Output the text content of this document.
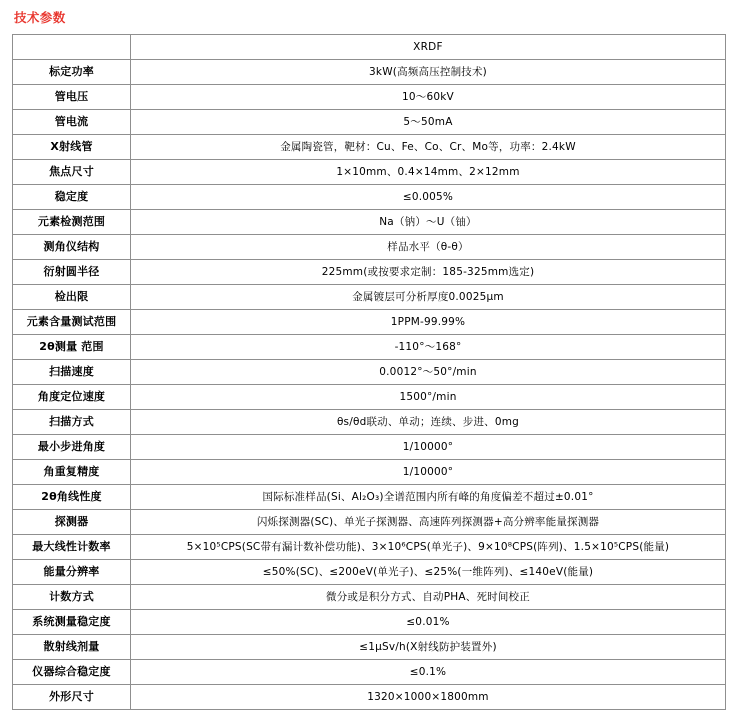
技术参数
	XRDF
标定功率	3kW(高频高压控制技术)
管电压	10～60kV
管电流	5～50mA
X射线管	金属陶瓷管，靶材：Cu、Fe、Co、Cr、Mo等，功率：2.4kW
焦点尺寸	1×10mm、0.4×14mm、2×12mm
稳定度	≤0.005%
元素检测范围	Na（钠）～U（铀）
测角仪结构	样品水平（θ-θ）
衍射圆半径	225mm(或按要求定制：185-325mm选定)
检出限	金属镀层可分析厚度0.0025μm
元素含量测试范围	1PPM-99.99%
2θ测量 范围	-110°～168°
扫描速度	0.0012°～50°/min
角度定位速度	1500°/min
扫描方式	θs/θd联动、单动；连续、步进、0mg
最小步进角度	1/10000°
角重复精度	1/10000°
2θ角线性度	国际标准样品(Si、Al₂O₃)全谱范围内所有峰的角度偏差不超过±0.01°
探测器	闪烁探测器(SC)、单光子探测器、高速阵列探测器+高分辨率能量探测器
最大线性计数率	5×10⁵CPS(SC带有漏计数补偿功能)、3×10⁶CPS(单光子)、9×10⁸CPS(阵列)、1.5×10⁵CPS(能量)
能量分辨率	≤50%(SC)、≤200eV(单光子)、≤25%(一维阵列)、≤140eV(能量)
计数方式	微分或是积分方式、自动PHA、死时间校正
系统测量稳定度	≤0.01%
散射线剂量	≤1μSv/h(X射线防护装置外)
仪器综合稳定度	≤0.1%
外形尺寸	1320×1000×1800mm
